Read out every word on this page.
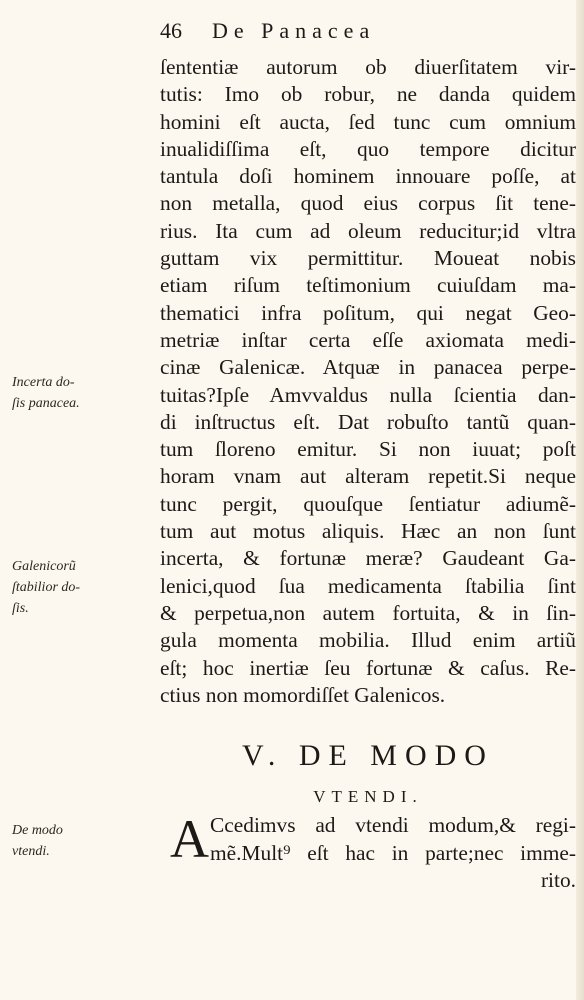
46 De Panacea
ſententiæ autorum ob diuerſitatem vir-
tutis: Imo ob robur, ne danda quidem
homini eſt aucta, ſed tunc cum omnium
inualidiſſima eſt, quo tempore dicitur
tantula doſi hominem innouare poſſe, at
non metalla, quod eius corpus ſit tene-
rius. Ita cum ad oleum reducitur;id vltra
guttam vix permittitur. Moueat nobis
etiam riſum teſtimonium cuiuſdam ma-
thematici infra poſitum, qui negat Geo-
metriæ inſtar certa eſſe axiomata medi-
cinæ Galenicæ. Atquæ in panacea perpe-
tuitas?Ipſe Amvvaldus nulla ſcientia dan-
di inſtructus eſt. Dat robuſto tantũ quan-
tum ſloreno emitur. Si non iuuat; poſt
horam vnam aut alteram repetit.Si neque
tunc pergit, quouſque ſentiatur adiumẽ-
tum aut motus aliquis. Hæc an non ſunt
incerta, & fortunæ meræ? Gaudeant Ga-
lenici,quod ſua medicamenta ſtabilia ſint
& perpetua,non autem fortuita, & in ſin-
gula momenta mobilia. Illud enim artiũ
eſt; hoc inertiæ ſeu fortunæ & caſus. Re-
ctius non momordiſſet Galenicos.
Incerta do-
ſis panacea.
Galenicorũ
ſtabilior do-
ſis.
De modo
vtendi.
V. DE MODO
VTENDI.
A Ccedimvs ad vtendi modum,& regi-
mẽ.Mult⁹ eſt hac in parte;nec imme-
rito.
